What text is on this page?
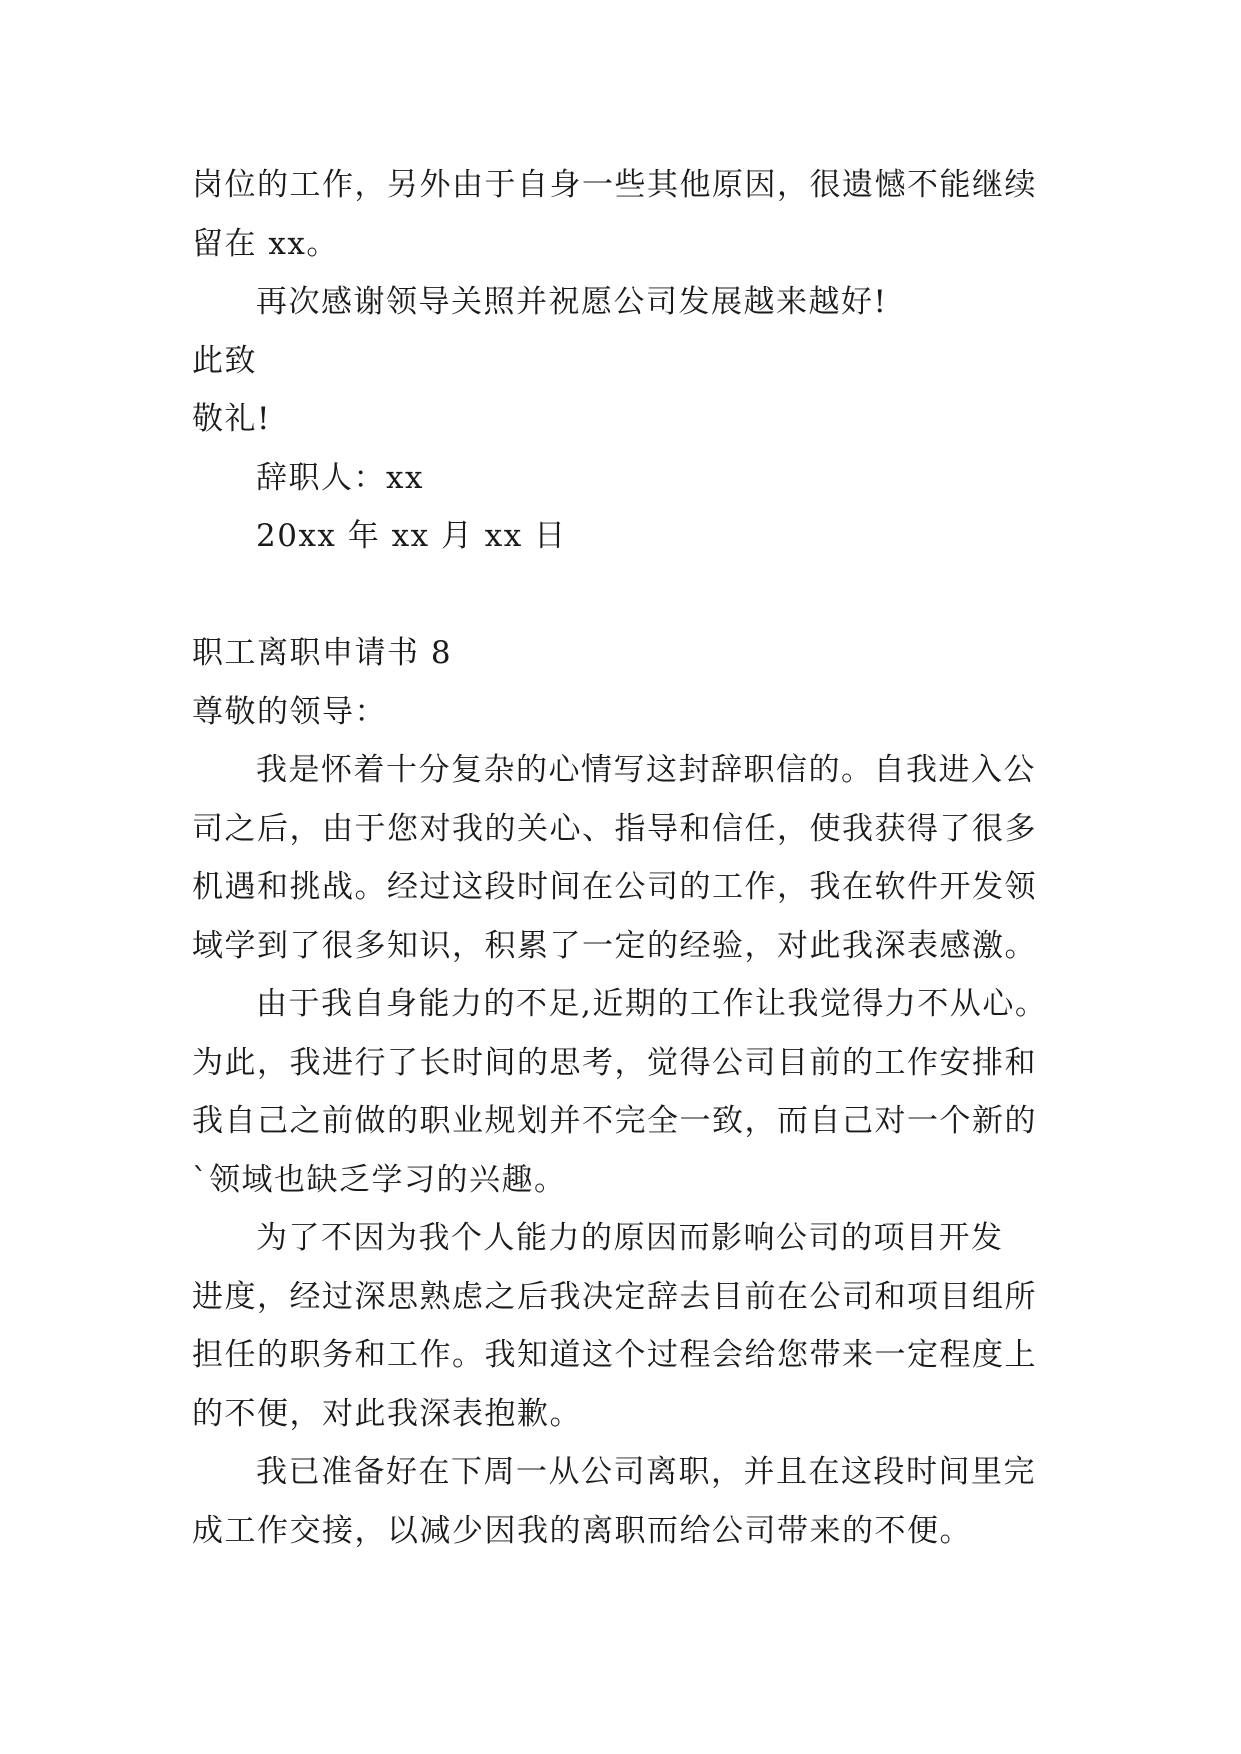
岗位的工作，另外由于自身一些其他原因，很遗憾不能继续
留在 xx。
再次感谢领导关照并祝愿公司发展越来越好!
此致
敬礼!
辞职人：xx
20xx 年 xx 月 xx 日
职工离职申请书 8
尊敬的领导：
我是怀着十分复杂的心情写这封辞职信的。自我进入公
司之后，由于您对我的关心、指导和信任，使我获得了很多
机遇和挑战。经过这段时间在公司的工作，我在软件开发领
域学到了很多知识，积累了一定的经验，对此我深表感激。
由于我自身能力的不足,近期的工作让我觉得力不从心。
为此，我进行了长时间的思考，觉得公司目前的工作安排和
我自己之前做的职业规划并不完全一致，而自己对一个新的
`领域也缺乏学习的兴趣。
为了不因为我个人能力的原因而影响公司的项目开发
进度，经过深思熟虑之后我决定辞去目前在公司和项目组所
担任的职务和工作。我知道这个过程会给您带来一定程度上
的不便，对此我深表抱歉。
我已准备好在下周一从公司离职，并且在这段时间里完
成工作交接，以减少因我的离职而给公司带来的不便。
